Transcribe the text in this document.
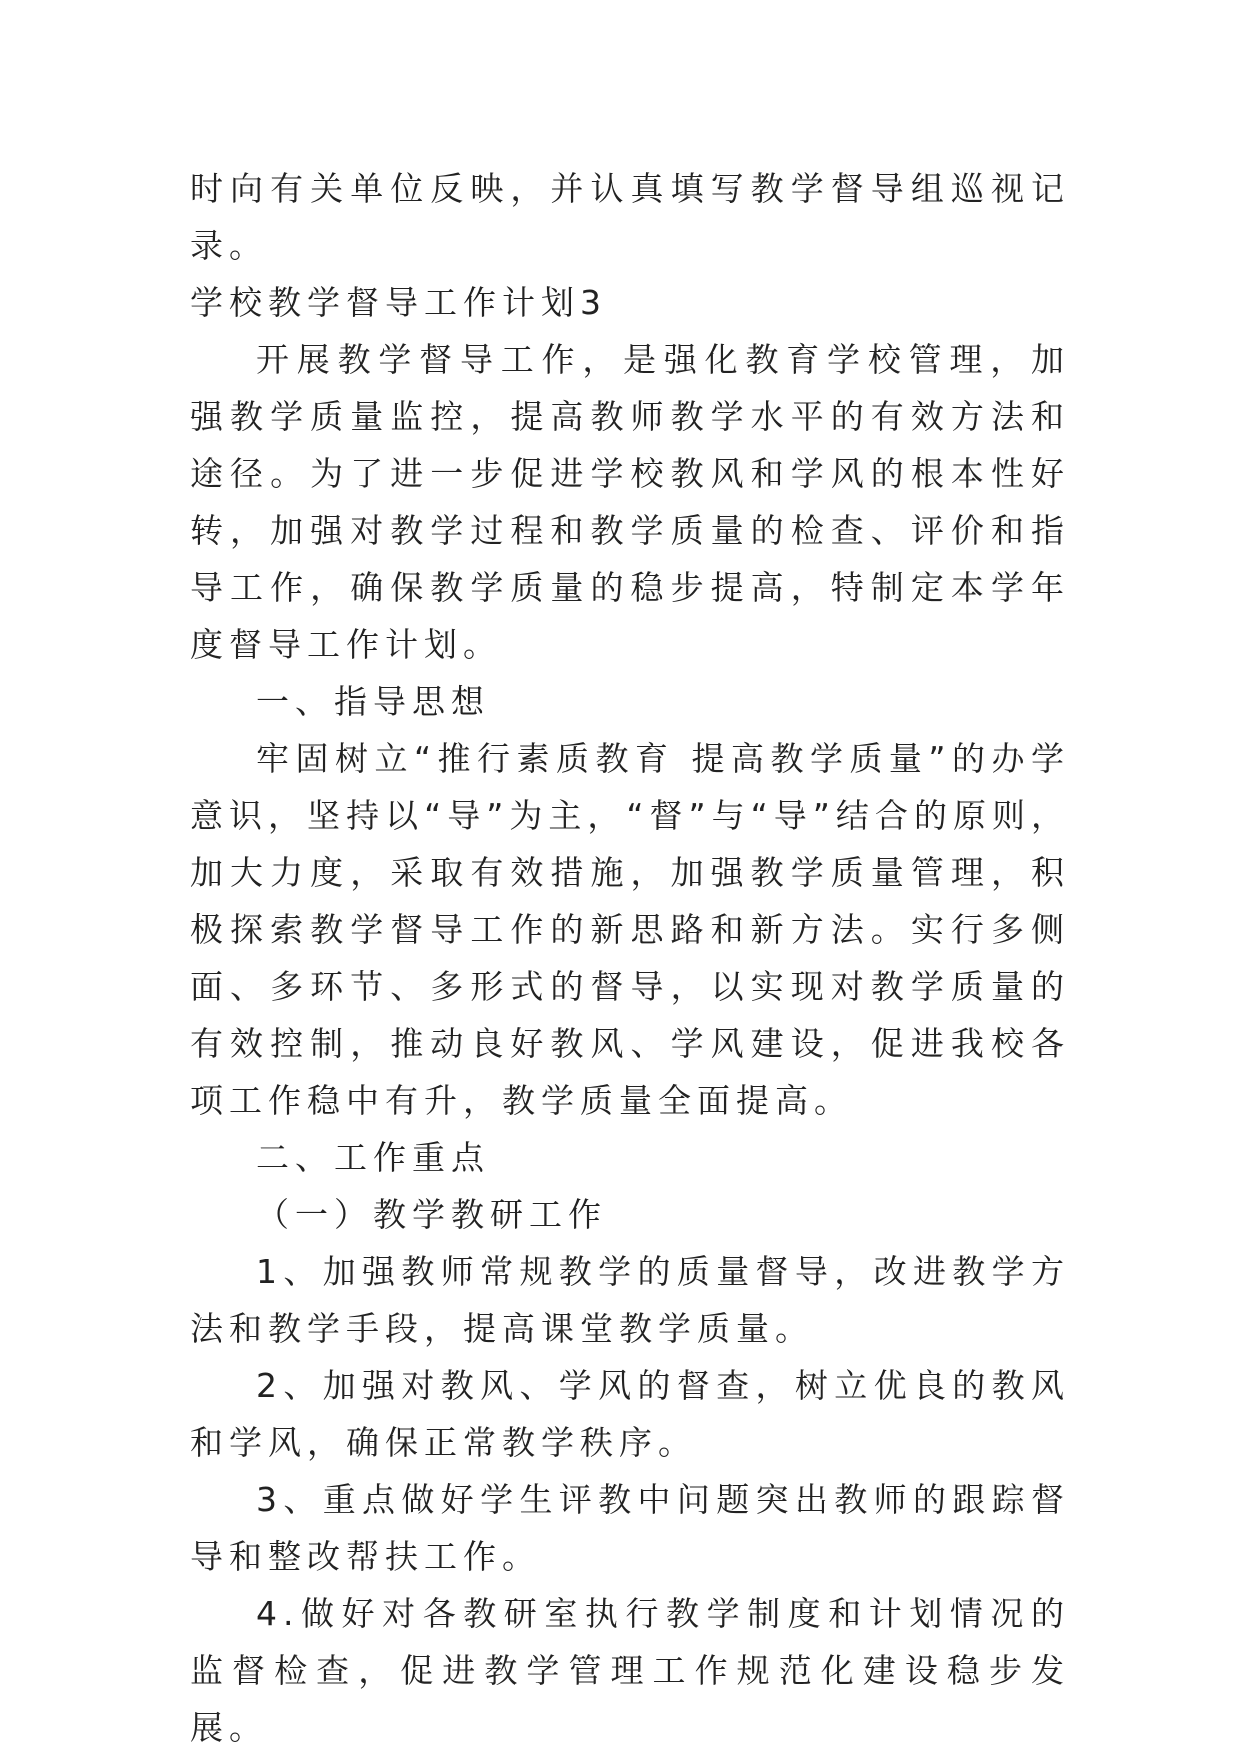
时向有关单位反映，并认真填写教学督导组巡视记录。

学校教学督导工作计划3

开展教学督导工作，是强化教育学校管理，加强教学质量监控，提高教师教学水平的有效方法和途径。为了进一步促进学校教风和学风的根本性好转，加强对教学过程和教学质量的检查、评价和指导工作，确保教学质量的稳步提高，特制定本学年度督导工作计划。

一、指导思想

牢固树立“推行素质教育 提高教学质量”的办学意识，坚持以“导”为主，“督”与“导”结合的原则，加大力度，采取有效措施，加强教学质量管理，积极探索教学督导工作的新思路和新方法。实行多侧面、多环节、多形式的督导，以实现对教学质量的有效控制，推动良好教风、学风建设，促进我校各项工作稳中有升，教学质量全面提高。

二、工作重点

（一）教学教研工作

1、加强教师常规教学的质量督导，改进教学方法和教学手段，提高课堂教学质量。

2、加强对教风、学风的督查，树立优良的教风和学风，确保正常教学秩序。

3、重点做好学生评教中问题突出教师的跟踪督导和整改帮扶工作。

4.做好对各教研室执行教学制度和计划情况的监督检查，促进教学管理工作规范化建设稳步发展。
